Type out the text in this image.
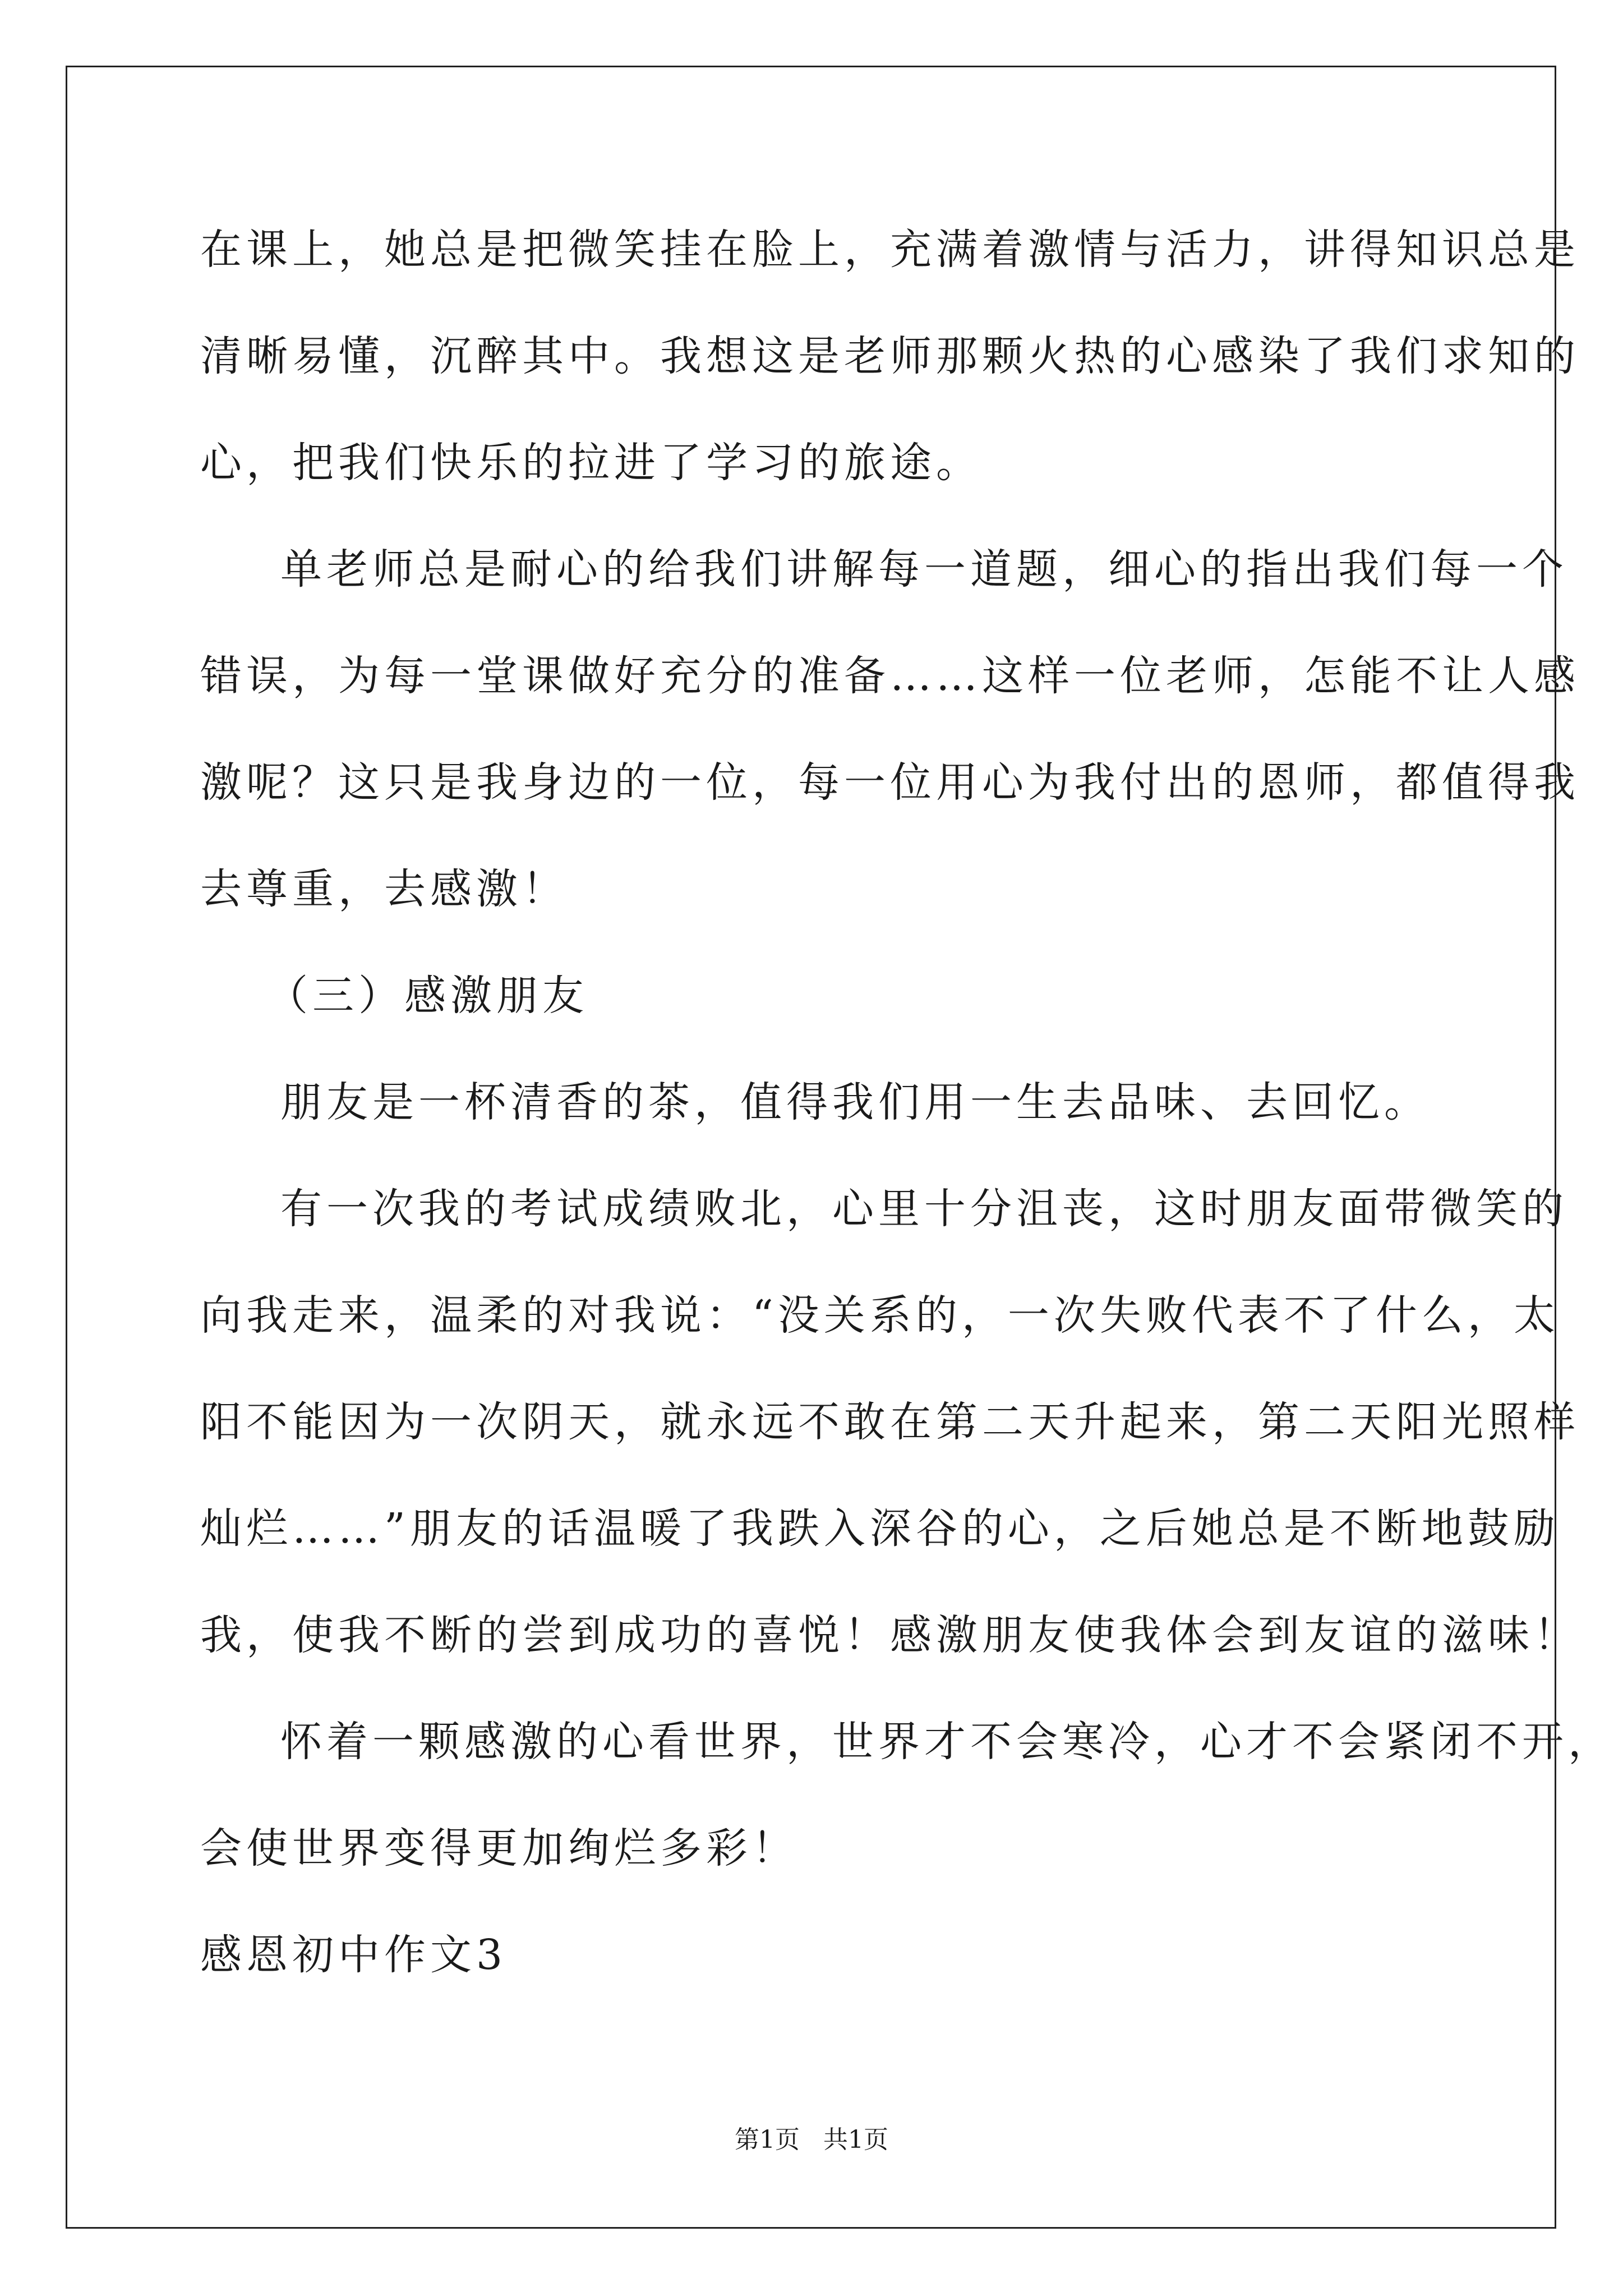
在课上，她总是把微笑挂在脸上，充满着激情与活力，讲得知识总是
清晰易懂，沉醉其中。我想这是老师那颗火热的心感染了我们求知的
心，把我们快乐的拉进了学习的旅途。
单老师总是耐心的给我们讲解每一道题，细心的指出我们每一个
错误，为每一堂课做好充分的准备……这样一位老师，怎能不让人感
激呢？这只是我身边的一位，每一位用心为我付出的恩师，都值得我
去尊重，去感激！
（三）感激朋友
朋友是一杯清香的茶，值得我们用一生去品味、去回忆。
有一次我的考试成绩败北，心里十分沮丧，这时朋友面带微笑的
向我走来，温柔的对我说：“没关系的，一次失败代表不了什么，太
阳不能因为一次阴天，就永远不敢在第二天升起来，第二天阳光照样
灿烂……”朋友的话温暖了我跌入深谷的心，之后她总是不断地鼓励
我，使我不断的尝到成功的喜悦！感激朋友使我体会到友谊的滋味！
怀着一颗感激的心看世界，世界才不会寒冷，心才不会紧闭不开，
会使世界变得更加绚烂多彩！
感恩初中作文3
第1页   共1页
